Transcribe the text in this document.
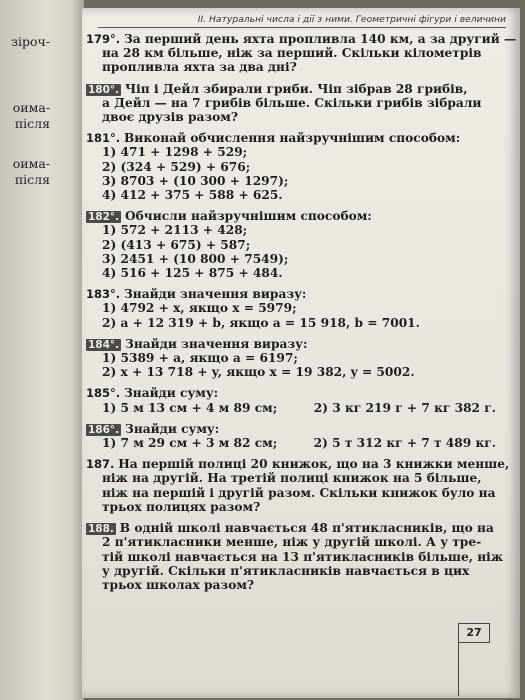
зіроч-
оима-
після
оима-
після
ІІ. Натуральні числа і дії з ними. Геометричні фігури і величини
179°. За перший день яхта пропливла 140 км, а за другий —
на 28 км більше, ніж за перший. Скільки кілометрів
пропливла яхта за два дні?
180°. Чіп і Дейл збирали гриби. Чіп зібрав 28 грибів,
а Дейл — на 7 грибів більше. Скільки грибів зібрали
двоє друзів разом?
181°. Виконай обчислення найзручнішим способом:
1) 471 + 1298 + 529;
2) (324 + 529) + 676;
3) 8703 + (10 300 + 1297);
4) 412 + 375 + 588 + 625.
182°. Обчисли найзручнішим способом:
1) 572 + 2113 + 428;
2) (413 + 675) + 587;
3) 2451 + (10 800 + 7549);
4) 516 + 125 + 875 + 484.
183°. Знайди значення виразу:
1) 4792 + x, якщо x = 5979;
2) a + 12 319 + b, якщо a = 15 918, b = 7001.
184°. Знайди значення виразу:
1) 5389 + a, якщо a = 6197;
2) x + 13 718 + y, якщо x = 19 382, y = 5002.
185°. Знайди суму:
1) 5 м 13 см + 4 м 89 см;	2) 3 кг 219 г + 7 кг 382 г.
186°. Знайди суму:
1) 7 м 29 см + 3 м 82 см;	2) 5 т 312 кг + 7 т 489 кг.
187. На першій полиці 20 книжок, що на 3 книжки менше,
ніж на другій. На третій полиці книжок на 5 більше,
ніж на першій і другій разом. Скільки книжок було на
трьох полицях разом?
188. В одній школі навчається 48 п'ятикласників, що на
2 п'ятикласники менше, ніж у другій школі. А у тре-
тій школі навчається на 13 п'ятикласників більше, ніж
у другій. Скільки п'ятикласників навчається в цих
трьох школах разом?
27
